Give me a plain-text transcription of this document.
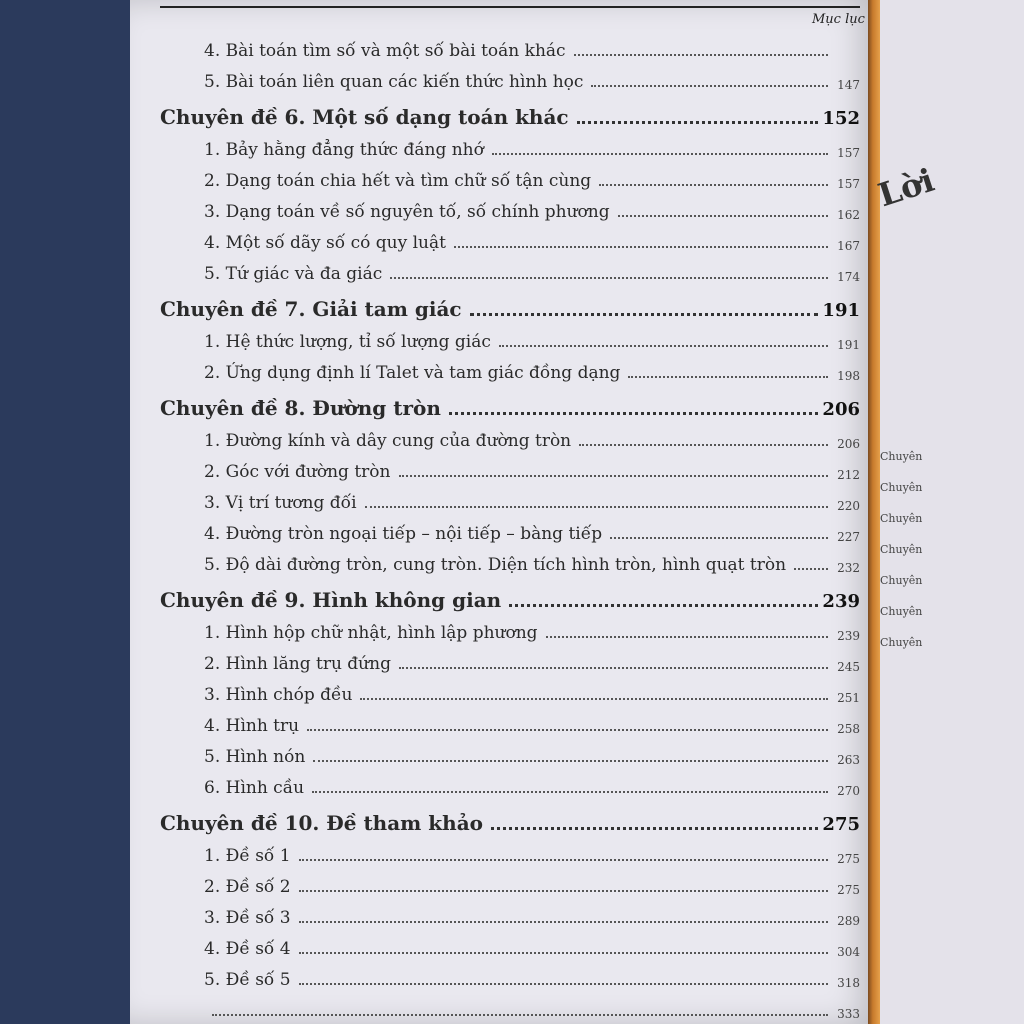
Mục lục
4. Bài toán tìm số và một số bài toán khác
5. Bài toán liên quan các kiến thức hình học	147
Chuyên đề 6. Một số dạng toán khác	152
1. Bảy hằng đẳng thức đáng nhớ	157
2. Dạng toán chia hết và tìm chữ số tận cùng	157
3. Dạng toán về số nguyên tố, số chính phương	162
4. Một số dãy số có quy luật	167
5. Tứ giác và đa giác	174
Chuyên đề 7. Giải tam giác	191
1. Hệ thức lượng, tỉ số lượng giác	191
2. Ứng dụng định lí Talet và tam giác đồng dạng	198
Chuyên đề 8. Đường tròn	206
1. Đường kính và dây cung của đường tròn	206
2. Góc với đường tròn	212
3. Vị trí tương đối	220
4. Đường tròn ngoại tiếp – nội tiếp – bàng tiếp	227
5. Độ dài đường tròn, cung tròn. Diện tích hình tròn, hình quạt tròn	232
Chuyên đề 9. Hình không gian	239
1. Hình hộp chữ nhật, hình lập phương	239
2. Hình lăng trụ đứng	245
3. Hình chóp đều	251
4. Hình trụ	258
5. Hình nón	263
6. Hình cầu	270
Chuyên đề 10. Đề tham khảo	275
1. Đề số 1	275
2. Đề số 2	275
3. Đề số 3	289
4. Đề số 4	304
5. Đề số 5	318
333
Lời
Chuyên
Chuyên
Chuyên
Chuyên
Chuyên
Chuyên
Chuyên
